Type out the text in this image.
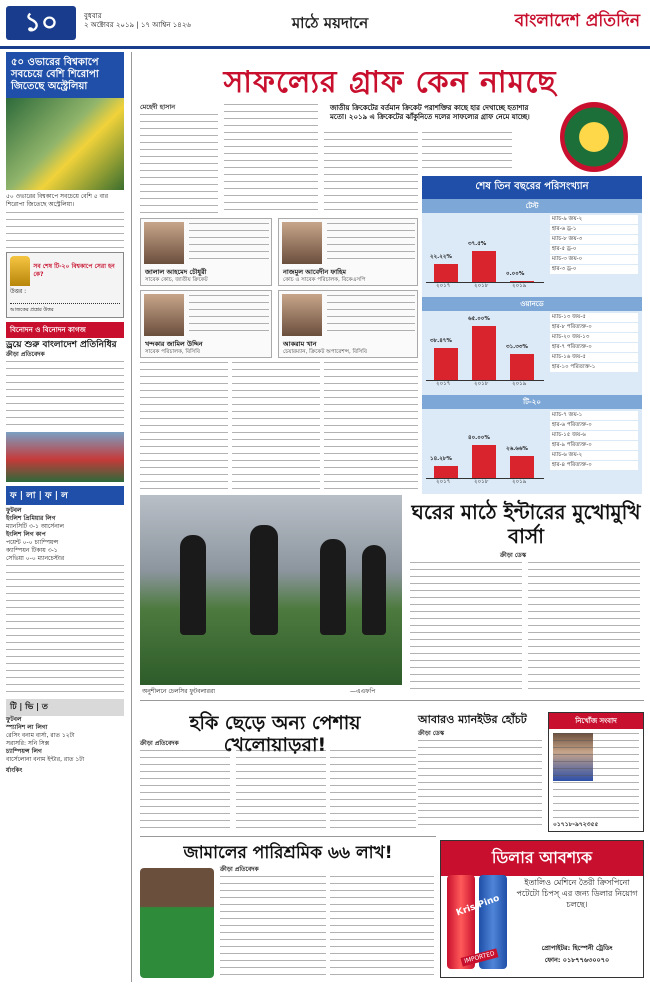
১০	বুধবার
২ অক্টোবর ২০১৯ | ১৭ আশ্বিন ১৪২৬	মাঠে ময়দানে	বাংলাদেশ প্রতিদিন
৫০ ওভারের বিশ্বকাপে সবচেয়ে বেশি শিরোপা জিতেছে অস্ট্রেলিয়া
৫০ ওভারের বিশ্বকাপে সবচেয়ে বেশি ৫ বার শিরোপা জিতেছে অস্ট্রেলিয়া।
সব শেষ টি-২০ বিশ্বকাপে সেরা হন কে?
উত্তর :
আজকের প্রশ্নের উত্তর
বিনোদন ও বিনোদন কাগজ
ড্রয়ে শুরু বাংলাদেশ প্রতিনিধির
ক্রীড়া প্রতিবেদক
ফ | লা | ফ | ল
ফুটবল
ইংলিশ প্রিমিয়ার লিগ
ম্যানসিটি ৩-১ আর্সেনাল
ইংলিশ লিগ কাপ
পয়েন্ট ০-০ চ্যাম্পিয়ন্স
ক্যাম্পিয়ন টিকায় ৩-১
সেভিয়া ০-০ ম্যানচেস্টার
টি | ভি | ত
ফুটবল
স্প্যানিশ লা লিগা
রেসিং বনাম বার্সা, রাত ১২টা
সরাসরি: সনি সিক্স
চ্যাম্পিয়ন্স লিগ
বার্সেলোনা বনাম ইন্টার, রাত ১টা
র্যাংকিং
সাফল্যের গ্রাফ কেন নামছে
জাতীয় ক্রিকেটের বর্তমান ক্রিকেট পরাশক্তির কাছে হার দেখাচ্ছে হতাশার মতো। ২০১৯ এ ক্রিকেটের ঝাঁকুনিতে দলের সাফল্যের গ্রাফ নেমে যাচ্ছে।
মেহেদী হাসান
জালাল আহমেদ চৌধুরী
সাবেক কোচ, জাতীয় ক্রিকেট
নাজমুল আবেদীন ফাহিম
কোচ ও সাবেক পরিচালক, বিকেএসপি
খন্দকার জামিল উদ্দিন
সাবেক পরিচালক, বিসিবি
আকরাম খান
চেয়ারম্যান, ক্রিকেট অপারেশন্স, বিসিবি
শেষ তিন বছরের পরিসংখ্যান
টেস্ট
২২.২২%
২০১৭
৩৭.৫%
২০১৮
০.০০%
২০১৯
ম্যাচ-৯ জয়-২
হার-৬ ড্র-১
ম্যাচ-৮ জয়-৩
হার-৫ ড্র-০
ম্যাচ-৩ জয়-০
হার-৩ ড্র-০
ওয়ানডে
৩৮.৪৭%
২০১৭
৬৫.০০%
২০১৮
৩১.৩৩%
২০১৯
ম্যাচ-১৩ জয়-৫
হার-৮ পরিত্যক্ত-০
ম্যাচ-২০ জয়-১৩
হার-৭ পরিত্যক্ত-০
ম্যাচ-১৬ জয়-৫
হার-১০ পরিত্যক্ত-১
টি-২০
১৪.২৮%
২০১৭
৪০.০০%
২০১৮
২৬.৬৬%
২০১৯
ম্যাচ-৭ জয়-১
হার-৬ পরিত্যক্ত-০
ম্যাচ-১৫ জয়-৬
হার-৯ পরিত্যক্ত-০
ম্যাচ-৬ জয়-২
হার-৪ পরিত্যক্ত-০
অনুশীলনে চেলসির ফুটবলাররা	—এএফপি
ঘরের মাঠে ইন্টারের মুখোমুখি বার্সা
ক্রীড়া ডেস্ক
হকি ছেড়ে অন্য পেশায় খেলোয়াড়রা!
ক্রীড়া প্রতিবেদক
আবারও ম্যানইউর হোঁচট
ক্রীড়া ডেস্ক
নিখোঁজ সংবাদ
০১৭১৮-৯৭২৩৫৫
জামালের পারিশ্রমিক ৬৬ লাখ!
ক্রীড়া প্রতিবেদক
ডিলার আবশ্যক
Kris Pino
IMPORTED
ইতালিও মেশিনে তৈরী ক্রিসপিনো পটেটো চিপস্ এর জন্য ডিলার নিয়োগ চলছে।
প্রোপাইটর: হিস্পেনী ট্রেডিং
ফোন: ০১৮৭৭৬৩০০৭০
